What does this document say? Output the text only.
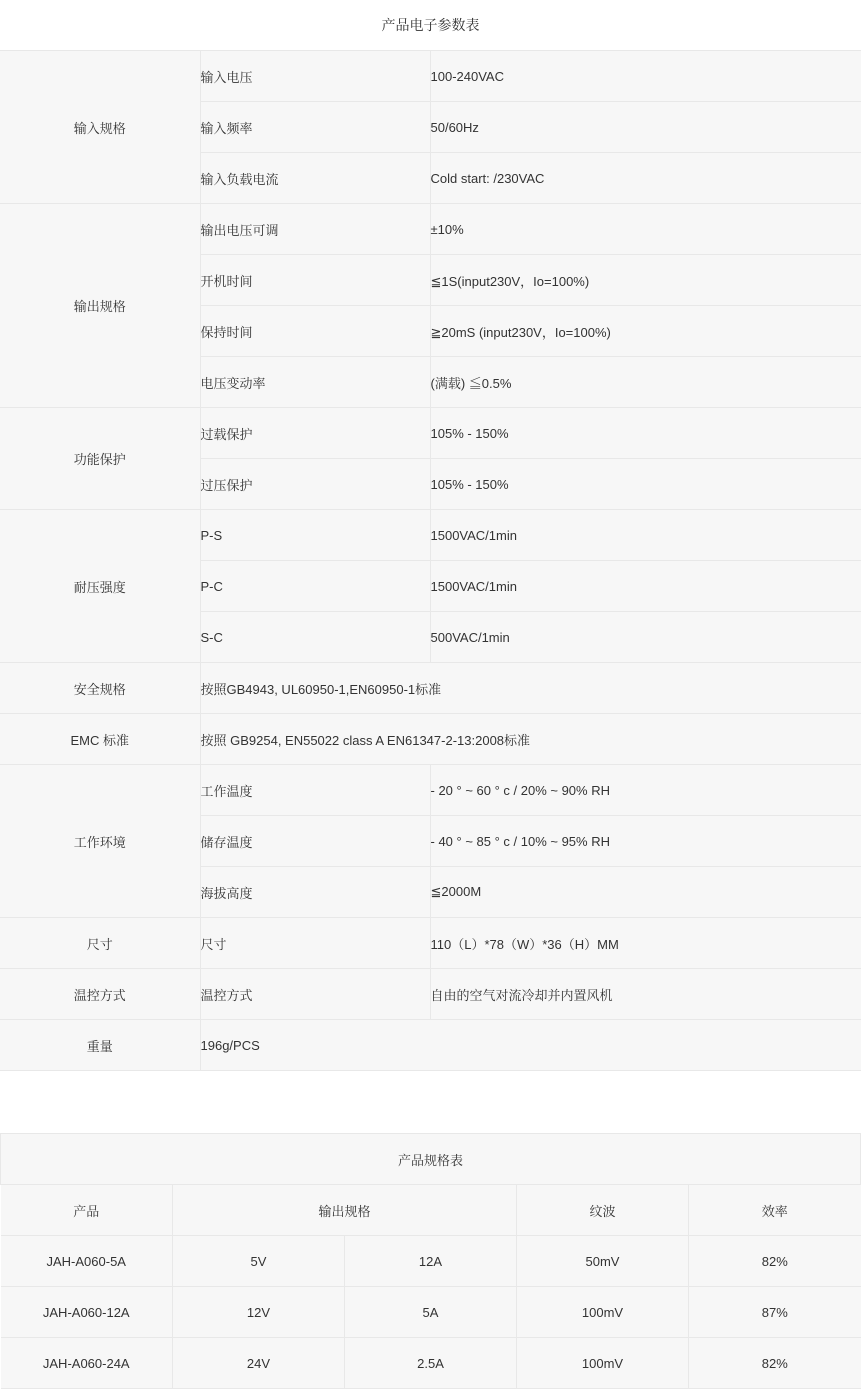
产品电子参数表
输入规格	输入电压	100-240VAC
	输入频率	50/60Hz
	输入负载电流	Cold start: /230VAC
输出规格	输出电压可调	±10%
	开机时间	≦1S(input230V，Io=100%)
	保持时间	≧20mS (input230V，Io=100%)
	电压变动率	(满载) ≦0.5%
功能保护	过载保护	105% - 150%
	过压保护	105% - 150%
耐压强度	P-S	1500VAC/1min
	P-C	1500VAC/1min
	S-C	500VAC/1min
安全规格	按照GB4943, UL60950-1,EN60950-1标准	
EMC 标准	按照 GB9254, EN55022 class A EN61347-2-13:2008标准	
工作环境	工作温度	- 20 ° ~ 60 ° c / 20% ~ 90% RH
	储存温度	- 40 ° ~ 85 ° c / 10% ~ 95% RH
	海拔高度	≦2000M
尺寸	尺寸	110（L）*78（W）*36（H）MM
温控方式	温控方式	自由的空气对流冷却并内置风机
重量	196g/PCS	
产品规格表				
产品	输出规格		纹波	效率
JAH-A060-5A	5V	12A	50mV	82%
JAH-A060-12A	12V	5A	100mV	87%
JAH-A060-24A	24V	2.5A	100mV	82%
